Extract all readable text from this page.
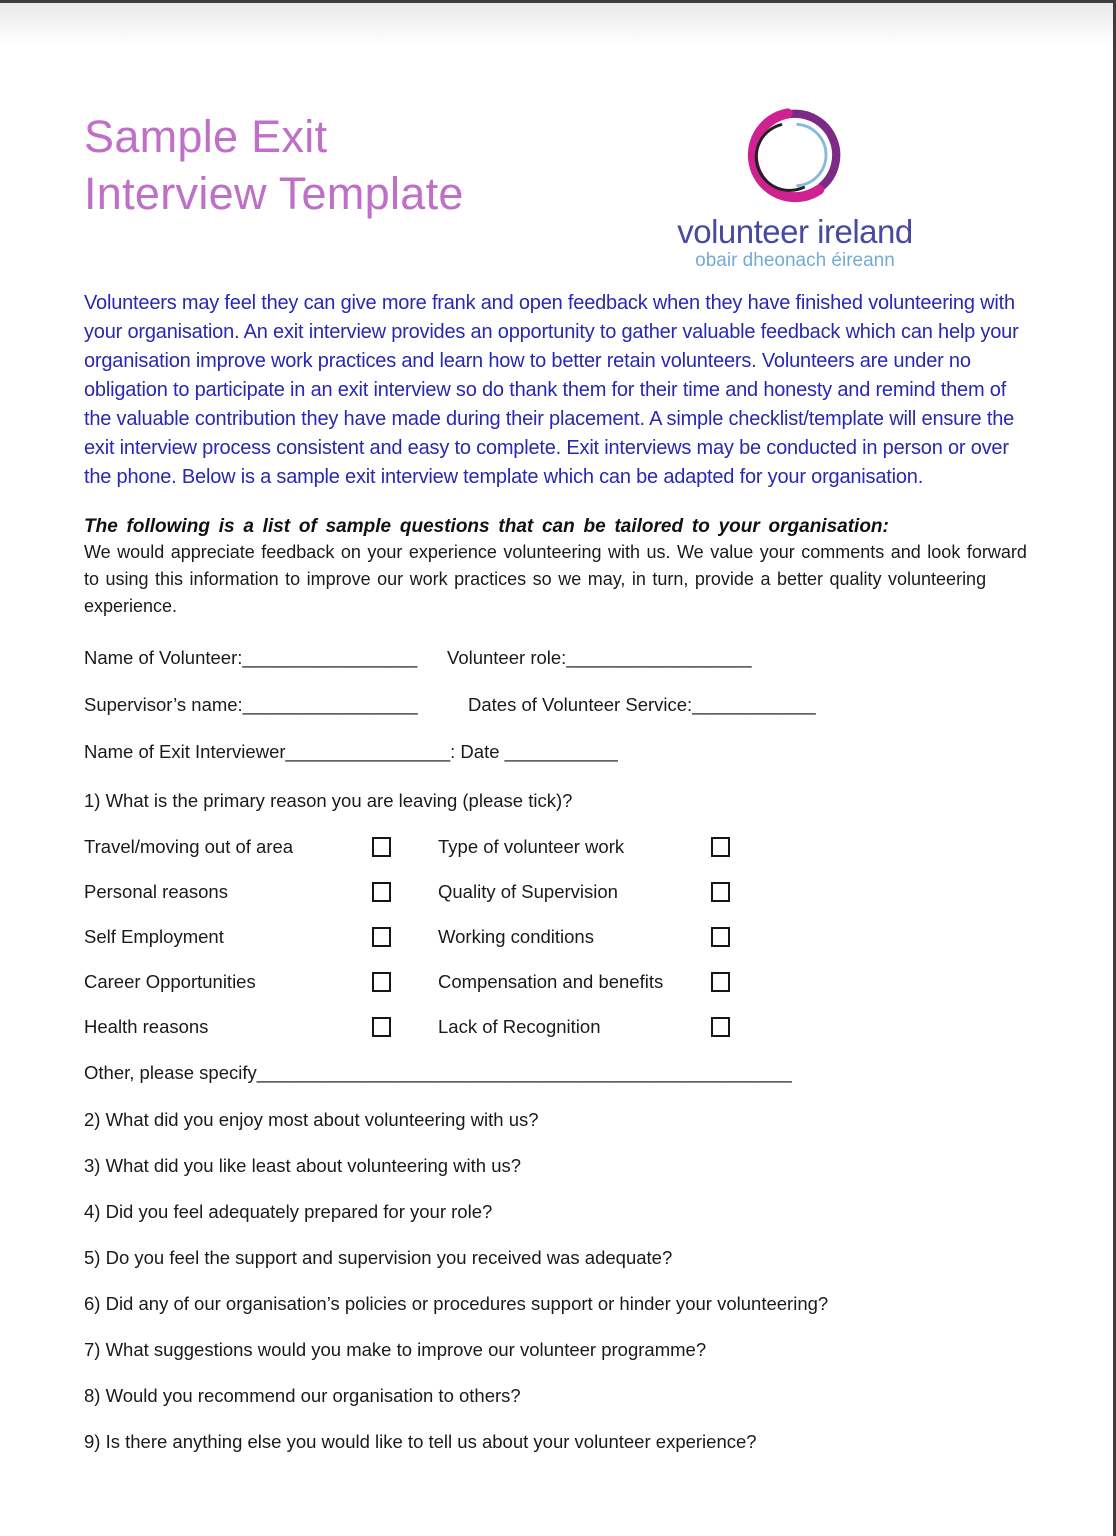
Sample Exit
Interview Template
volunteer ireland
obair dheonach éireann

Volunteers may feel they can give more frank and open feedback when they have finished volunteering with your organisation. An exit interview provides an opportunity to gather valuable feedback which can help your organisation improve work practices and learn how to better retain volunteers. Volunteers are under no obligation to participate in an exit interview so do thank them for their time and honesty and remind them of the valuable contribution they have made during their placement. A simple checklist/template will ensure the exit interview process consistent and easy to complete. Exit interviews may be conducted in person or over the phone. Below is a sample exit interview template which can be adapted for your organisation.

The following is a list of sample questions that can be tailored to your organisation:

We would appreciate feedback on your experience volunteering with us. We value your comments and look forward to using this information to improve our work practices so we may, in turn, provide a better quality volunteering experience.

Name of Volunteer:_________________	Volunteer role:__________________
Supervisor’s name:_________________	Dates of Volunteer Service:____________
Name of Exit Interviewer________________: Date ___________

1) What is the primary reason you are leaving (please tick)?

Travel/moving out of area	Type of volunteer work
Personal reasons	Quality of Supervision
Self Employment	Working conditions
Career Opportunities	Compensation and benefits
Health reasons	Lack of Recognition

Other, please specify____________________________________________________

2) What did you enjoy most about volunteering with us?

3) What did you like least about volunteering with us?

4) Did you feel adequately prepared for your role?

5) Do you feel the support and supervision you received was adequate?

6) Did any of our organisation’s policies or procedures support or hinder your volunteering?

7) What suggestions would you make to improve our volunteer programme?

8) Would you recommend our organisation to others?

9) Is there anything else you would like to tell us about your volunteer experience?
